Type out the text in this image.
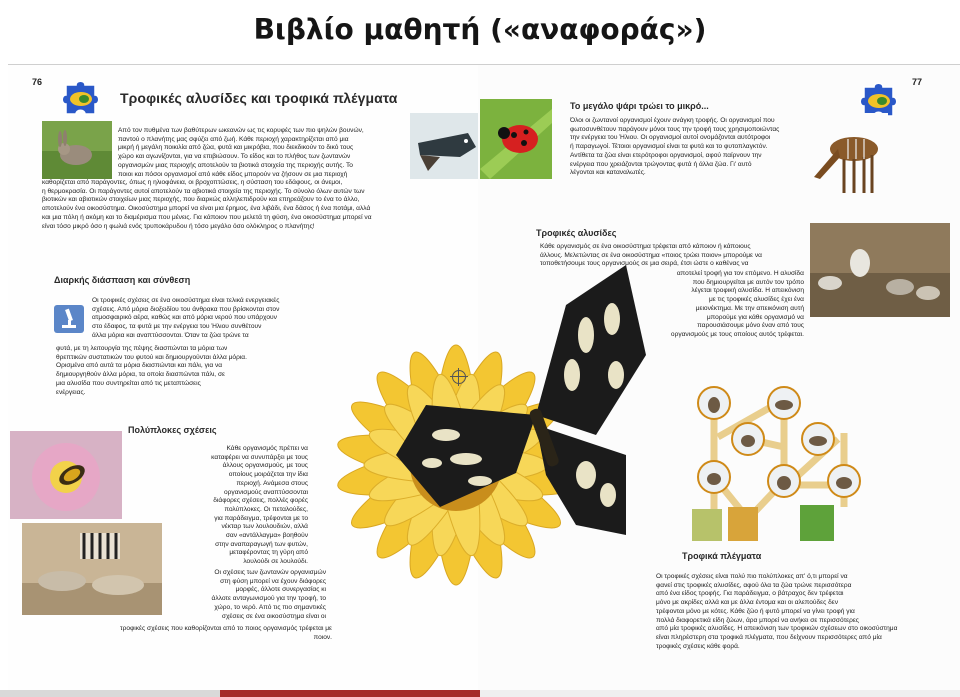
Βιβλίο μαθητή («αναφοράς»)
76
Τροφικές αλυσίδες και τροφικά πλέγματα
Από τον πυθμένα των βαθύτερων ωκεανών ως τις κορυφές των πιο ψηλών βουνών,
παντού ο πλανήτης μας σφύζει από ζωή. Κάθε περιοχή χαρακτηρίζεται από μια
μικρή ή μεγάλη ποικιλία από ζώα, φυτά και μικρόβια, που διεκδικούν το δικό τους
χώρο και αγωνίζονται, για να επιβιώσουν. Το είδος και το πλήθος των ζωντανών
οργανισμών μιας περιοχής αποτελούν τα βιοτικά στοιχεία της περιοχής αυτής. Το
ποιοι και πόσοι οργανισμοί από κάθε είδος μπορούν να ζήσουν σε μια περιοχή
καθορίζεται από παράγοντες, όπως η ηλιοφάνεια, οι βροχοπτώσεις, η σύσταση του εδάφους, οι άνεμοι,
η θερμοκρασία. Οι παράγοντες αυτοί αποτελούν τα αβιοτικά στοιχεία της περιοχής. Το σύνολο όλων αυτών των
βιοτικών και αβιοτικών στοιχείων μιας περιοχής, που διαρκώς αλληλεπιδρούν και επηρεάζουν το ένα το άλλο,
αποτελούν ένα οικοσύστημα. Οικοσύστημα μπορεί να είναι μια έρημος, ένα λιβάδι, ένα δάσος ή ένα ποτάμι, αλλά
και μια πόλη ή ακόμη και το διαμέρισμα που μένεις. Για κάποιον που μελετά τη φύση, ένα οικοσύστημα μπορεί να
είναι τόσο μικρό όσο η φωλιά ενός τρυποκάρυδου ή τόσο μεγάλο όσο ολόκληρος ο πλανήτης!
Διαρκής διάσπαση και σύνθεση
Οι τροφικές σχέσεις σε ένα οικοσύστημα είναι τελικά ενεργειακές
σχέσεις. Από μόρια διοξειδίου του άνθρακα που βρίσκονται στον
ατμοσφαιρικό αέρα, καθώς και από μόρια νερού που υπάρχουν
στο έδαφος, τα φυτά με την ενέργεια του Ήλιου συνθέτουν
άλλα μόρια και αναπτύσσονται. Όταν τα ζώα τρώνε τα
φυτά, με τη λειτουργία της πέψης διασπώνται τα μόρια των
θρεπτικών συστατικών του φυτού και δημιουργούνται άλλα μόρια.
Ορισμένα από αυτά τα μόρια διασπώνται και πάλι, για να
δημιουργηθούν άλλα μόρια, τα οποία διασπώνται πάλι, σε
μια αλυσίδα που συντηρείται από τις μεταπτώσεις
ενέργειας.
Πολύπλοκες σχέσεις
Κάθε οργανισμός πρέπει να
καταφέρει να συνυπάρξει με τους
άλλους οργανισμούς, με τους
οποίους μοιράζεται την ίδια
περιοχή. Ανάμεσα στους
οργανισμούς αναπτύσσονται
διάφορες σχέσεις, πολλές φορές
πολύπλοκες. Οι πεταλούδες,
για παράδειγμα, τρέφονται με το
νέκταρ των λουλουδιών, αλλά
σαν «αντάλλαγμα» βοηθούν
στην αναπαραγωγή των φυτών,
μεταφέροντας τη γύρη από
λουλούδι σε λουλούδι.
Οι σχέσεις των ζωντανών οργανισμών
στη φύση μπορεί να έχουν διάφορες
μορφές, άλλοτε συνεργασίας κι
άλλοτε ανταγωνισμού για την τροφή, το
χώρο, το νερό. Από τις πιο σημαντικές
σχέσεις σε ένα οικοσύστημα είναι οι
τροφικές σχέσεις που καθορίζονται από το ποιος οργανισμός τρέφεται με
ποιον.
77
Το μεγάλο ψάρι τρώει το μικρό...
Όλοι οι ζωντανοί οργανισμοί έχουν ανάγκη τροφής. Οι οργανισμοί που
φωτοσυνθέτουν παράγουν μόνοι τους την τροφή τους χρησιμοποιώντας
την ενέργεια του Ήλιου. Οι οργανισμοί αυτοί ονομάζονται αυτότροφοι
ή παραγωγοί. Τέτοιοι οργανισμοί είναι τα φυτά και το φυτοπλαγκτόν.
Αντίθετα τα ζώα είναι ετερότροφοι οργανισμοί, αφού παίρνουν την
ενέργεια που χρειάζονται τρώγοντας φυτά ή άλλα ζώα. Γι' αυτό
λέγονται και καταναλωτές.
Τροφικές αλυσίδες
Κάθε οργανισμός σε ένα οικοσύστημα τρέφεται από κάποιον ή κάποιους
άλλους. Μελετώντας σε ένα οικοσύστημα «ποιος τρώει ποιον» μπορούμε να
τοποθετήσουμε τους οργανισμούς σε μια σειρά, έτσι ώστε ο καθένας να
αποτελεί τροφή για τον επόμενο. Η αλυσίδα
που δημιουργείται με αυτόν τον τρόπο
λέγεται τροφική αλυσίδα. Η απεικόνιση
με τις τροφικές αλυσίδες έχει ένα
μειονέκτημα. Με την απεικόνιση αυτή
μπορούμε για κάθε οργανισμό να
παρουσιάσουμε μόνο έναν από τους
οργανισμούς με τους οποίους αυτός τρέφεται.
Τροφικά πλέγματα
Οι τροφικές σχέσεις είναι πολύ πιο πολύπλοκες απ' ό,τι μπορεί να
φανεί στις τροφικές αλυσίδες, αφού όλα τα ζώα τρώνε περισσότερα
από ένα είδος τροφής. Για παράδειγμα, ο βάτραχος δεν τρέφεται
μόνο με ακρίδες αλλά και με άλλα έντομα και οι αλεπούδες δεν
τρέφονται μόνο με κότες. Κάθε ζώο ή φυτό μπορεί να γίνει τροφή για
πολλά διαφορετικά είδη ζώων, άρα μπορεί να ανήκει σε περισσότερες
από μία τροφικές αλυσίδες. Η απεικόνιση των τροφικών σχέσεων στο οικοσύστημα
είναι πληρέστερη στα τροφικά πλέγματα, που δείχνουν περισσότερες από μία
τροφικές σχέσεις κάθε φορά.
